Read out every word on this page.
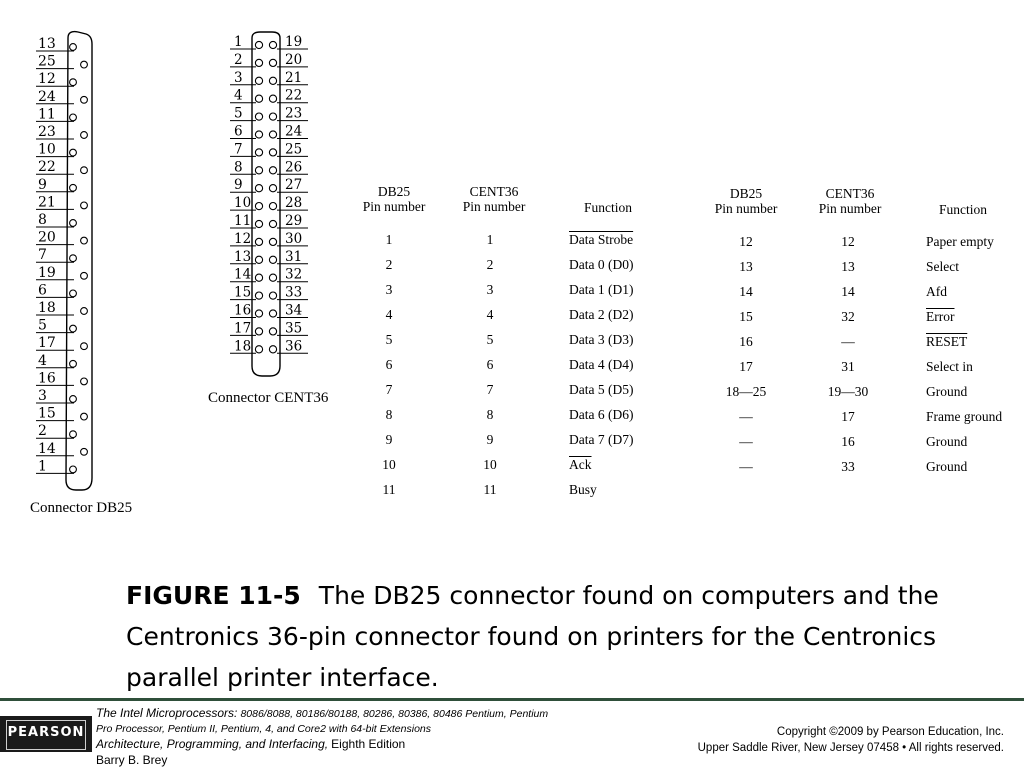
13
25
12
24
11
23
10
22
9
21
8
20
7
19
6
18
5
17
4
16
3
15
2
14
1
Connector DB25
1	19
2	20
3	21
4	22
5	23
6	24
7	25
8	26
9	27
10	28
11	29
12	30
13	31
14	32
15	33
16	34
17	35
18	36
Connector CENT36
DB25
Pin number
CENT36
Pin number	Function
1	1	Data Strobe
2	2	Data 0 (D0)
3	3	Data 1 (D1)
4	4	Data 2 (D2)
5	5	Data 3 (D3)
6	6	Data 4 (D4)
7	7	Data 5 (D5)
8	8	Data 6 (D6)
9	9	Data 7 (D7)
10	10	$\overline{Ack}$
11	11	Busy
DB25
Pin number
CENT36
Pin number	Function
12	12	Paper empty
13	13	Select
14	14	Afd
15	32	Error
16	—	RESET
17	31	Select in
18—25	19—30	Ground
—	17	Frame ground
—	16	Ground
—	33	Ground
FIGURE 11-5 The DB25 connector found on computers and the Centronics 36-pin connector found on printers for the Centronics parallel printer interface.
PEARSON
The Intel Microprocessors: 8086/8088, 80186/80188, 80286, 80386, 80486 Pentium, Pentium Pro Processor, Pentium II, Pentium, 4, and Core2 with 64-bit Extensions
Architecture, Programming, and Interfacing, Eighth Edition
Barry B. Brey
Copyright ©2009 by Pearson Education, Inc.
Upper Saddle River, New Jersey 07458 • All rights reserved.
